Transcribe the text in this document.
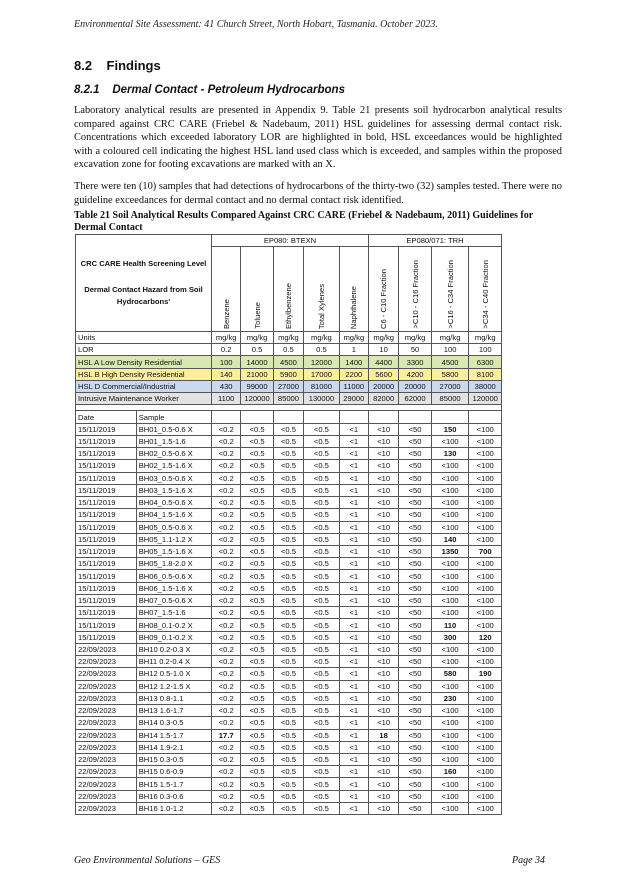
Environmental Site Assessment: 41 Church Street, North Hobart, Tasmania. October 2023.
8.2 Findings
8.2.1 Dermal Contact - Petroleum Hydrocarbons

Laboratory analytical results are presented in Appendix 9. Table 21 presents soil hydrocarbon analytical results compared against CRC CARE (Friebel & Nadebaum, 2011) HSL guidelines for assessing dermal contact risk. Concentrations which exceeded laboratory LOR are highlighted in bold, HSL exceedances would be highlighted with a coloured cell indicating the highest HSL land used class which is exceeded, and samples within the proposed excavation zone for footing excavations are marked with an X.

There were ten (10) samples that had detections of hydrocarbons of the thirty-two (32) samples tested. There were no guideline exceedances for dermal contact and no dermal contact risk identified.

Table 21 Soil Analytical Results Compared Against CRC CARE (Friebel & Nadebaum, 2011) Guidelines for Dermal Contact
CRC CARE Health Screening Level
Dermal Contact Hazard from Soil Hydrocarbons'		EP080: BTEXN					EP080/071: TRH			

		Benzene	Toluene	Ethylbenzene	Total Xylenes	Naphthalene	C6 - C10 Fraction	>C10 - C16 Fraction	>C16 - C34 Fraction	>C34 - C40 Fraction

Units		mg/kg	mg/kg	mg/kg	mg/kg	mg/kg	mg/kg	mg/kg	mg/kg	mg/kg
LOR		0.2	0.5	0.5	0.5	1	10	50	100	100
HSL A Low Density Residential		100	14000	4500	12000	1400	4400	3300	4500	6300
HSL B High Density Residential		140	21000	5900	17000	2200	5600	4200	5800	8100
HSL D Commercial/Industrial		430	99000	27000	81000	11000	20000	20000	27000	38000
Intrusive Maintenance Worker		1100	120000	85000	130000	29000	82000	62000	85000	120000

Date	Sample									
15/11/2019	BH01_0.5-0.6 X	<0.2	<0.5	<0.5	<0.5	<1	<10	<50	150	<100
15/11/2019	BH01_1.5-1.6	<0.2	<0.5	<0.5	<0.5	<1	<10	<50	<100	<100
15/11/2019	BH02_0.5-0.6 X	<0.2	<0.5	<0.5	<0.5	<1	<10	<50	130	<100
15/11/2019	BH02_1.5-1.6 X	<0.2	<0.5	<0.5	<0.5	<1	<10	<50	<100	<100
15/11/2019	BH03_0.5-0.6 X	<0.2	<0.5	<0.5	<0.5	<1	<10	<50	<100	<100
15/11/2019	BH03_1.5-1.6 X	<0.2	<0.5	<0.5	<0.5	<1	<10	<50	<100	<100
15/11/2019	BH04_0.5-0.6 X	<0.2	<0.5	<0.5	<0.5	<1	<10	<50	<100	<100
15/11/2019	BH04_1.5-1.6 X	<0.2	<0.5	<0.5	<0.5	<1	<10	<50	<100	<100
15/11/2019	BH05_0.5-0.6 X	<0.2	<0.5	<0.5	<0.5	<1	<10	<50	<100	<100
15/11/2019	BH05_1.1-1.2 X	<0.2	<0.5	<0.5	<0.5	<1	<10	<50	140	<100
15/11/2019	BH05_1.5-1.6 X	<0.2	<0.5	<0.5	<0.5	<1	<10	<50	1350	700
15/11/2019	BH05_1.8-2.0 X	<0.2	<0.5	<0.5	<0.5	<1	<10	<50	<100	<100
15/11/2019	BH06_0.5-0.6 X	<0.2	<0.5	<0.5	<0.5	<1	<10	<50	<100	<100
15/11/2019	BH06_1.5-1.6 X	<0.2	<0.5	<0.5	<0.5	<1	<10	<50	<100	<100
15/11/2019	BH07_0.5-0.6 X	<0.2	<0.5	<0.5	<0.5	<1	<10	<50	<100	<100
15/11/2019	BH07_1.5-1.6	<0.2	<0.5	<0.5	<0.5	<1	<10	<50	<100	<100
15/11/2019	BH08_0.1-0.2 X	<0.2	<0.5	<0.5	<0.5	<1	<10	<50	110	<100
15/11/2019	BH09_0.1-0.2 X	<0.2	<0.5	<0.5	<0.5	<1	<10	<50	300	120
22/09/2023	BH10 0.2-0.3 X	<0.2	<0.5	<0.5	<0.5	<1	<10	<50	<100	<100
22/09/2023	BH11 0.2-0.4 X	<0.2	<0.5	<0.5	<0.5	<1	<10	<50	<100	<100
22/09/2023	BH12 0.5-1.0 X	<0.2	<0.5	<0.5	<0.5	<1	<10	<50	580	190
22/09/2023	BH12 1.2-1.5 X	<0.2	<0.5	<0.5	<0.5	<1	<10	<50	<100	<100
22/09/2023	BH13 0.8-1.1	<0.2	<0.5	<0.5	<0.5	<1	<10	<50	230	<100
22/09/2023	BH13 1.6-1.7	<0.2	<0.5	<0.5	<0.5	<1	<10	<50	<100	<100
22/09/2023	BH14 0.3-0.5	<0.2	<0.5	<0.5	<0.5	<1	<10	<50	<100	<100
22/09/2023	BH14 1.5-1.7	17.7	<0.5	<0.5	<0.5	<1	18	<50	<100	<100
22/09/2023	BH14 1.9-2.1	<0.2	<0.5	<0.5	<0.5	<1	<10	<50	<100	<100
22/09/2023	BH15 0.3-0.5	<0.2	<0.5	<0.5	<0.5	<1	<10	<50	<100	<100
22/09/2023	BH15 0.6-0.9	<0.2	<0.5	<0.5	<0.5	<1	<10	<50	160	<100
22/09/2023	BH15 1.5-1.7	<0.2	<0.5	<0.5	<0.5	<1	<10	<50	<100	<100
22/09/2023	BH16 0.3-0.6	<0.2	<0.5	<0.5	<0.5	<1	<10	<50	<100	<100
22/09/2023	BH16 1.0-1.2	<0.2	<0.5	<0.5	<0.5	<1	<10	<50	<100	<100
Geo Environmental Solutions – GES	Page 34
